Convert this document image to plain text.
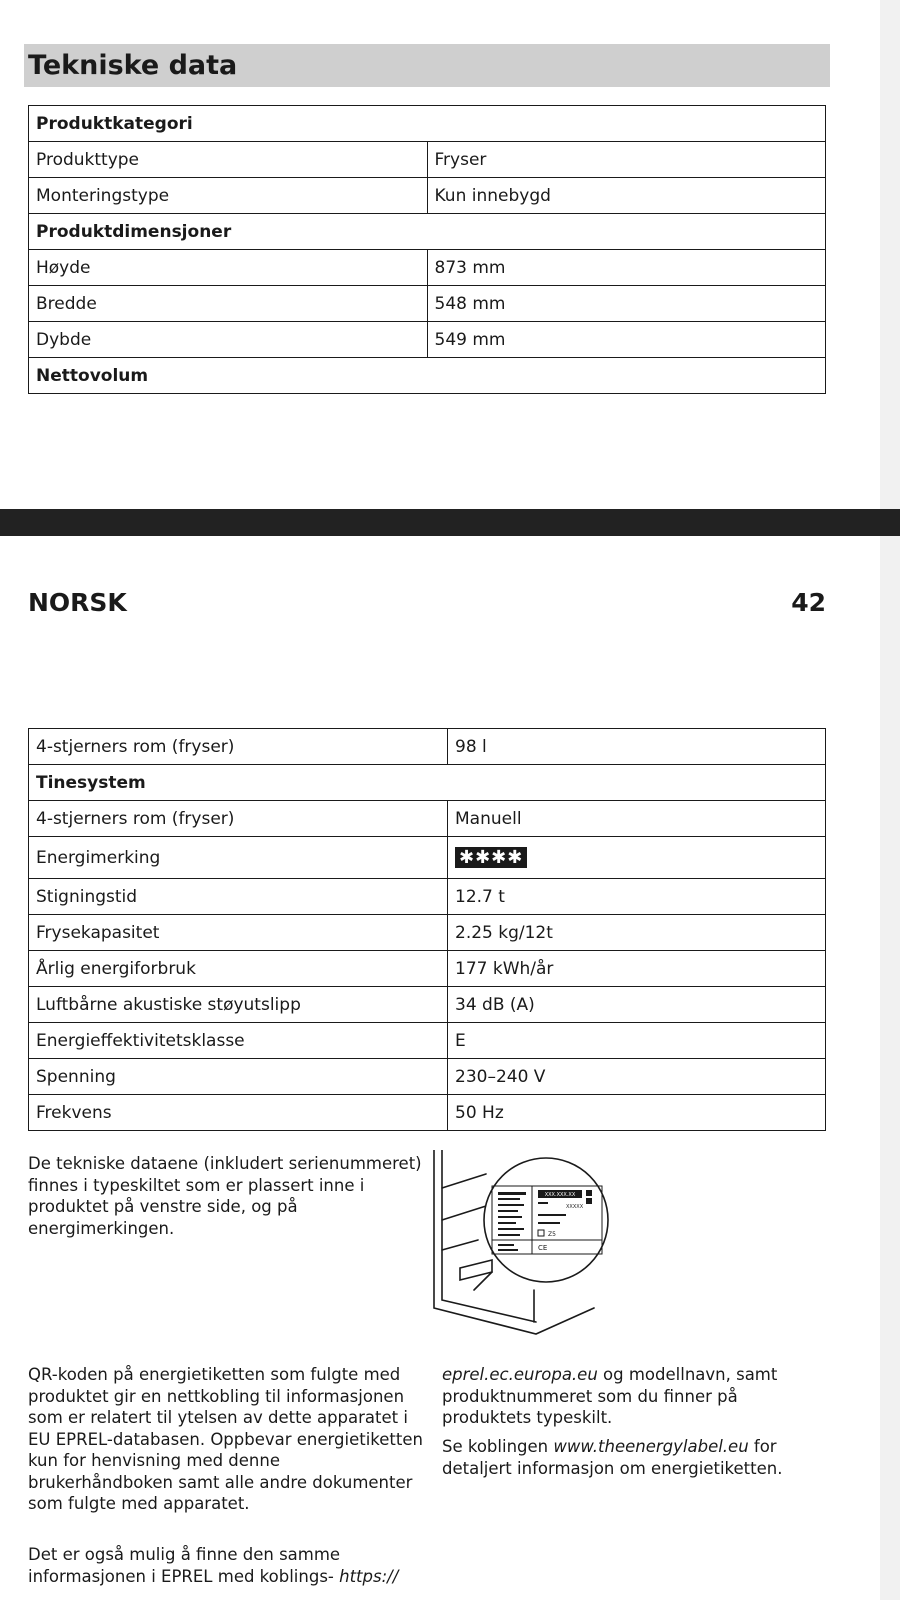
Tekniske data
Produktkategori	
Produkttype	Fryser
Monteringstype	Kun innebygd
Produktdimensjoner	
Høyde	873 mm
Bredde	548 mm
Dybde	549 mm
Nettovolum	
NORSK	42
4-stjerners rom (fryser)	98 l
Tinesystem	
4-stjerners rom (fryser)	Manuell
Energimerking	✱✱✱✱
Stigningstid	12.7 t
Frysekapasitet	2.25 kg/12t
Årlig energiforbruk	177 kWh/år
Luftbårne akustiske støyutslipp	34 dB (A)
Energieffektivitetsklasse	E
Spenning	230–240 V
Frekvens	50 Hz

De tekniske dataene (inkludert serienummeret) finnes i typeskiltet som er plassert inne i produktet på venstre side, og på energimerkingen.

XXX.XXX.XX
XXXXX
Z5
CE

QR-koden på energietiketten som fulgte med produktet gir en nettkobling til informasjonen som er relatert til ytelsen av dette apparatet i EU EPREL-databasen. Oppbevar energietiketten kun for henvisning med denne brukerhåndboken samt alle andre dokumenter som fulgte med apparatet.

Det er også mulig å finne den samme informasjonen i EPREL med koblings- https://

eprel.ec.europa.eu og modellnavn, samt produktnummeret som du finner på produktets typeskilt.

Se koblingen www.theenergylabel.eu for detaljert informasjon om energietiketten.
